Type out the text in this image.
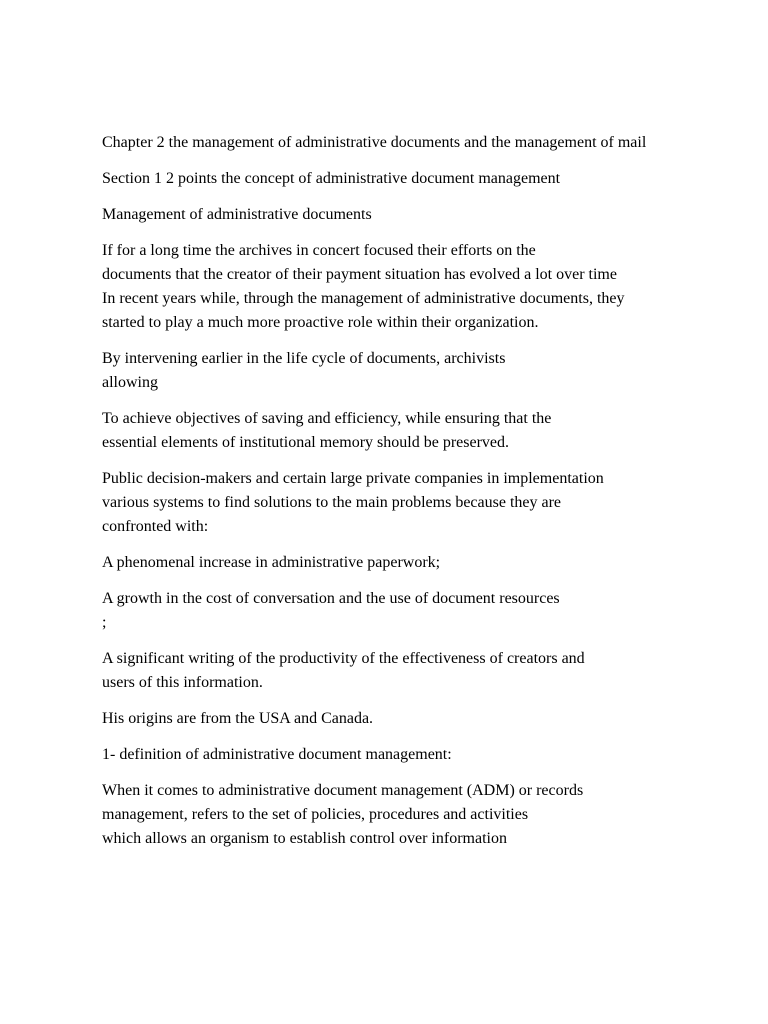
Chapter 2 the management of administrative documents and the management of mail

Section 1 2 points the concept of administrative document management

Management of administrative documents

If for a long time the archives in concert focused their efforts on the
documents that the creator of their payment situation has evolved a lot over time
In recent years while, through the management of administrative documents, they
started to play a much more proactive role within their organization.

By intervening earlier in the life cycle of documents, archivists
allowing

To achieve objectives of saving and efficiency, while ensuring that the
essential elements of institutional memory should be preserved.

Public decision-makers and certain large private companies in implementation
various systems to find solutions to the main problems because they are
confronted with:

A phenomenal increase in administrative paperwork;

A growth in the cost of conversation and the use of document resources
;

A significant writing of the productivity of the effectiveness of creators and
users of this information.

His origins are from the USA and Canada.

1- definition of administrative document management:

When it comes to administrative document management (ADM) or records
management, refers to the set of policies, procedures and activities
which allows an organism to establish control over information
